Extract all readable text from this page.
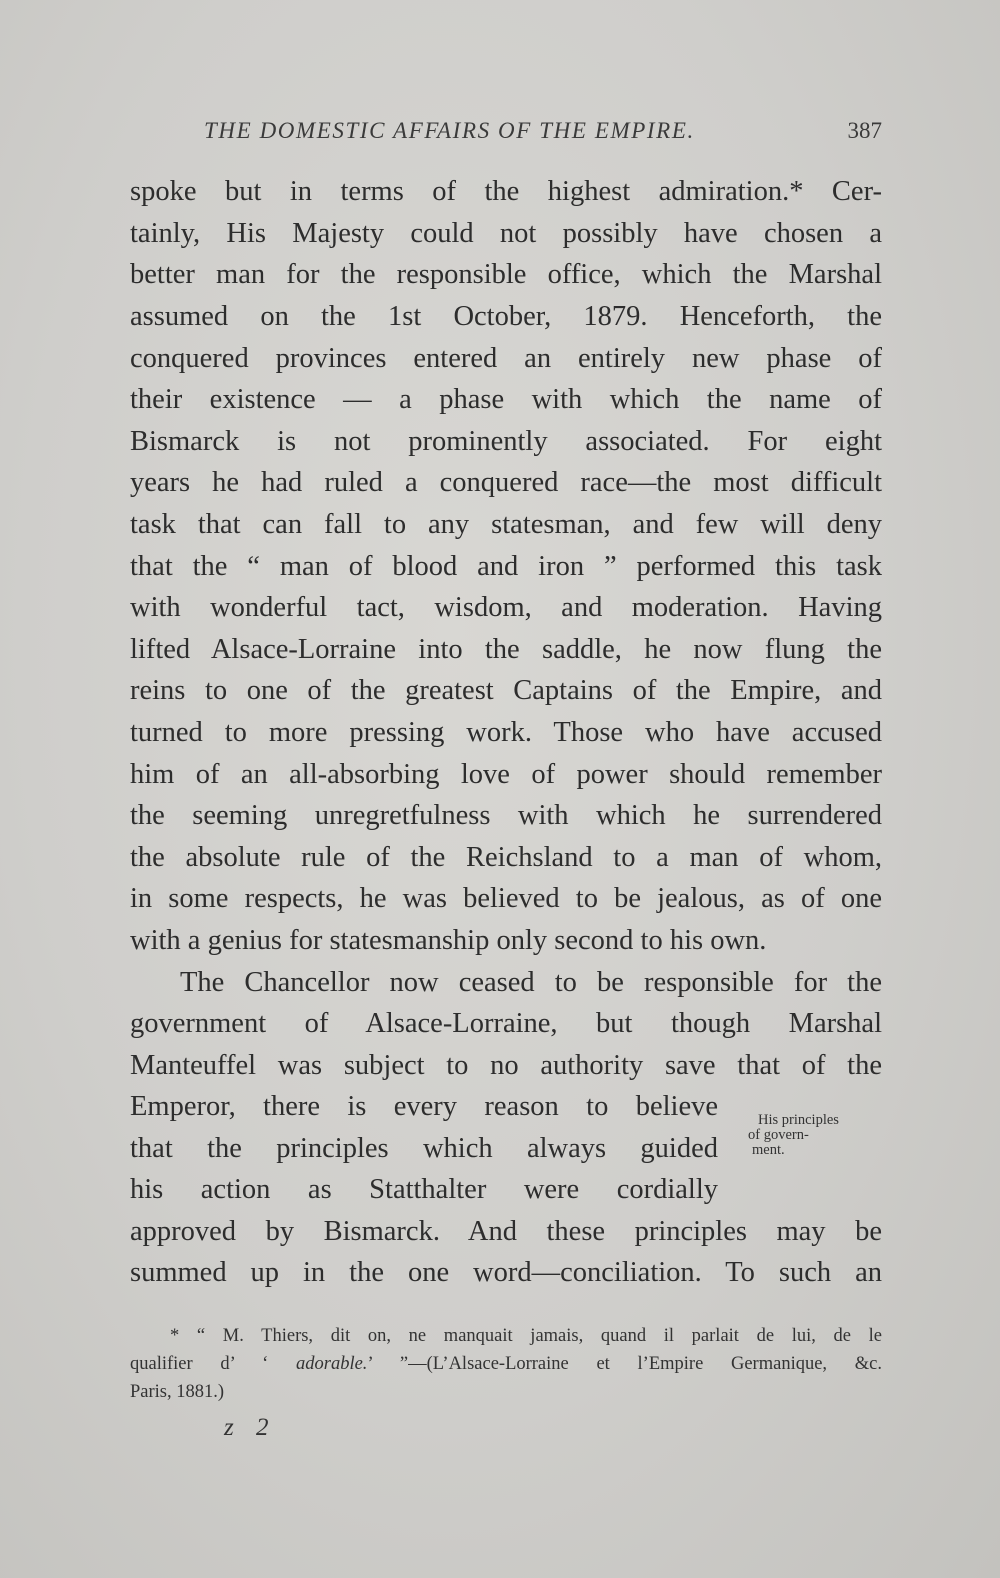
THE DOMESTIC AFFAIRS OF THE EMPIRE.	387
spoke but in terms of the highest admiration.* Cer-
tainly, His Majesty could not possibly have chosen a
better man for the responsible office, which the Marshal
assumed on the 1st October, 1879. Henceforth, the
conquered provinces entered an entirely new phase of
their existence — a phase with which the name of
Bismarck is not prominently associated. For eight
years he had ruled a conquered race—the most difficult
task that can fall to any statesman, and few will deny
that the “ man of blood and iron ” performed this task
with wonderful tact, wisdom, and moderation. Having
lifted Alsace-Lorraine into the saddle, he now flung the
reins to one of the greatest Captains of the Empire, and
turned to more pressing work. Those who have accused
him of an all-absorbing love of power should remember
the seeming unregretfulness with which he surrendered
the absolute rule of the Reichsland to a man of whom,
in some respects, he was believed to be jealous, as of one
with a genius for statesmanship only second to his own.
The Chancellor now ceased to be responsible for the
government of Alsace-Lorraine, but though Marshal
Manteuffel was subject to no authority save that of the
Emperor, there is every reason to believe
that the principles which always guided
his action as Statthalter were cordially
approved by Bismarck. And these principles may be
summed up in the one word—conciliation. To such an
His principles
of govern-
ment.
* “ M. Thiers, dit on, ne manquait jamais, quand il parlait de lui, de le
qualifier d’ ‘ adorable.’ ”—(L’Alsace-Lorraine et l’Empire Germanique, &c.
Paris, 1881.)
z 2
